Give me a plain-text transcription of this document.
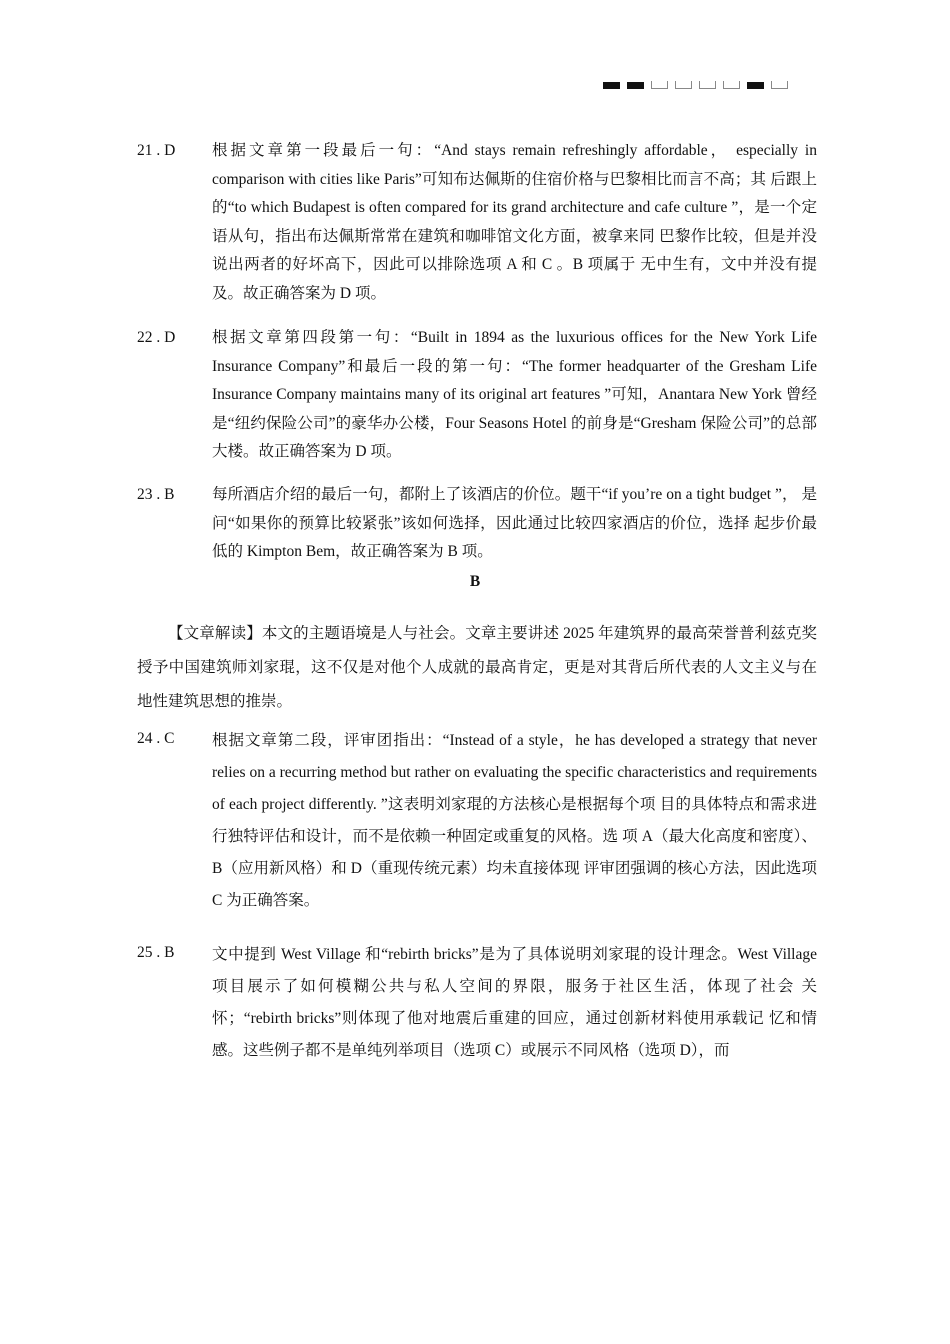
21 . D	根据文章第一段最后一句：“And stays remain refreshingly affordable， especially in comparison with cities like Paris”可知布达佩斯的住宿价格与巴黎相比而言不高；其 后跟上的“to which Budapest is often compared for its grand architecture and cafe culture ”，是一个定语从句，指出布达佩斯常常在建筑和咖啡馆文化方面，被拿来同 巴黎作比较，但是并没说出两者的好坏高下，因此可以排除选项 A 和 C 。B 项属于 无中生有，文中并没有提及。故正确答案为 D 项。
22 . D	根据文章第四段第一句：“Built in 1894 as the luxurious offices for the New York Life Insurance Company”和最后一段的第一句：“The former headquarter of the Gresham Life Insurance Company maintains many of its original art features ”可知，Anantara New York 曾经是“纽约保险公司”的豪华办公楼，Four Seasons Hotel 的前身是“Gresham 保险公司”的总部大楼。故正确答案为 D 项。
23 . B	每所酒店介绍的最后一句，都附上了该酒店的价位。题干“if you’re on a tight budget ”， 是问“如果你的预算比较紧张”该如何选择，因此通过比较四家酒店的价位，选择 起步价最低的 Kimpton Bem，故正确答案为 B 项。
B
【文章解读】本文的主题语境是人与社会。文章主要讲述 2025 年建筑界的最高荣誉普利兹克奖授予中国建筑师刘家琨，这不仅是对他个人成就的最高肯定，更是对其背后所代表的人文主义与在地性建筑思想的推崇。
24 . C	根据文章第二段，评审团指出：“Instead of a style，he has developed a strategy that never relies on a recurring method but rather on evaluating the specific characteristics and requirements of each project differently. ”这表明刘家琨的方法核心是根据每个项 目的具体特点和需求进行独特评估和设计，而不是依赖一种固定或重复的风格。选 项 A（最大化高度和密度）、B（应用新风格）和 D（重现传统元素）均未直接体现 评审团强调的核心方法，因此选项 C 为正确答案。
25 . B	文中提到 West Village 和“rebirth bricks”是为了具体说明刘家琨的设计理念。West Village 项目展示了如何模糊公共与私人空间的界限，服务于社区生活，体现了社会 关怀；“rebirth bricks”则体现了他对地震后重建的回应，通过创新材料使用承载记 忆和情感。这些例子都不是单纯列举项目（选项 C）或展示不同风格（选项 D），而
